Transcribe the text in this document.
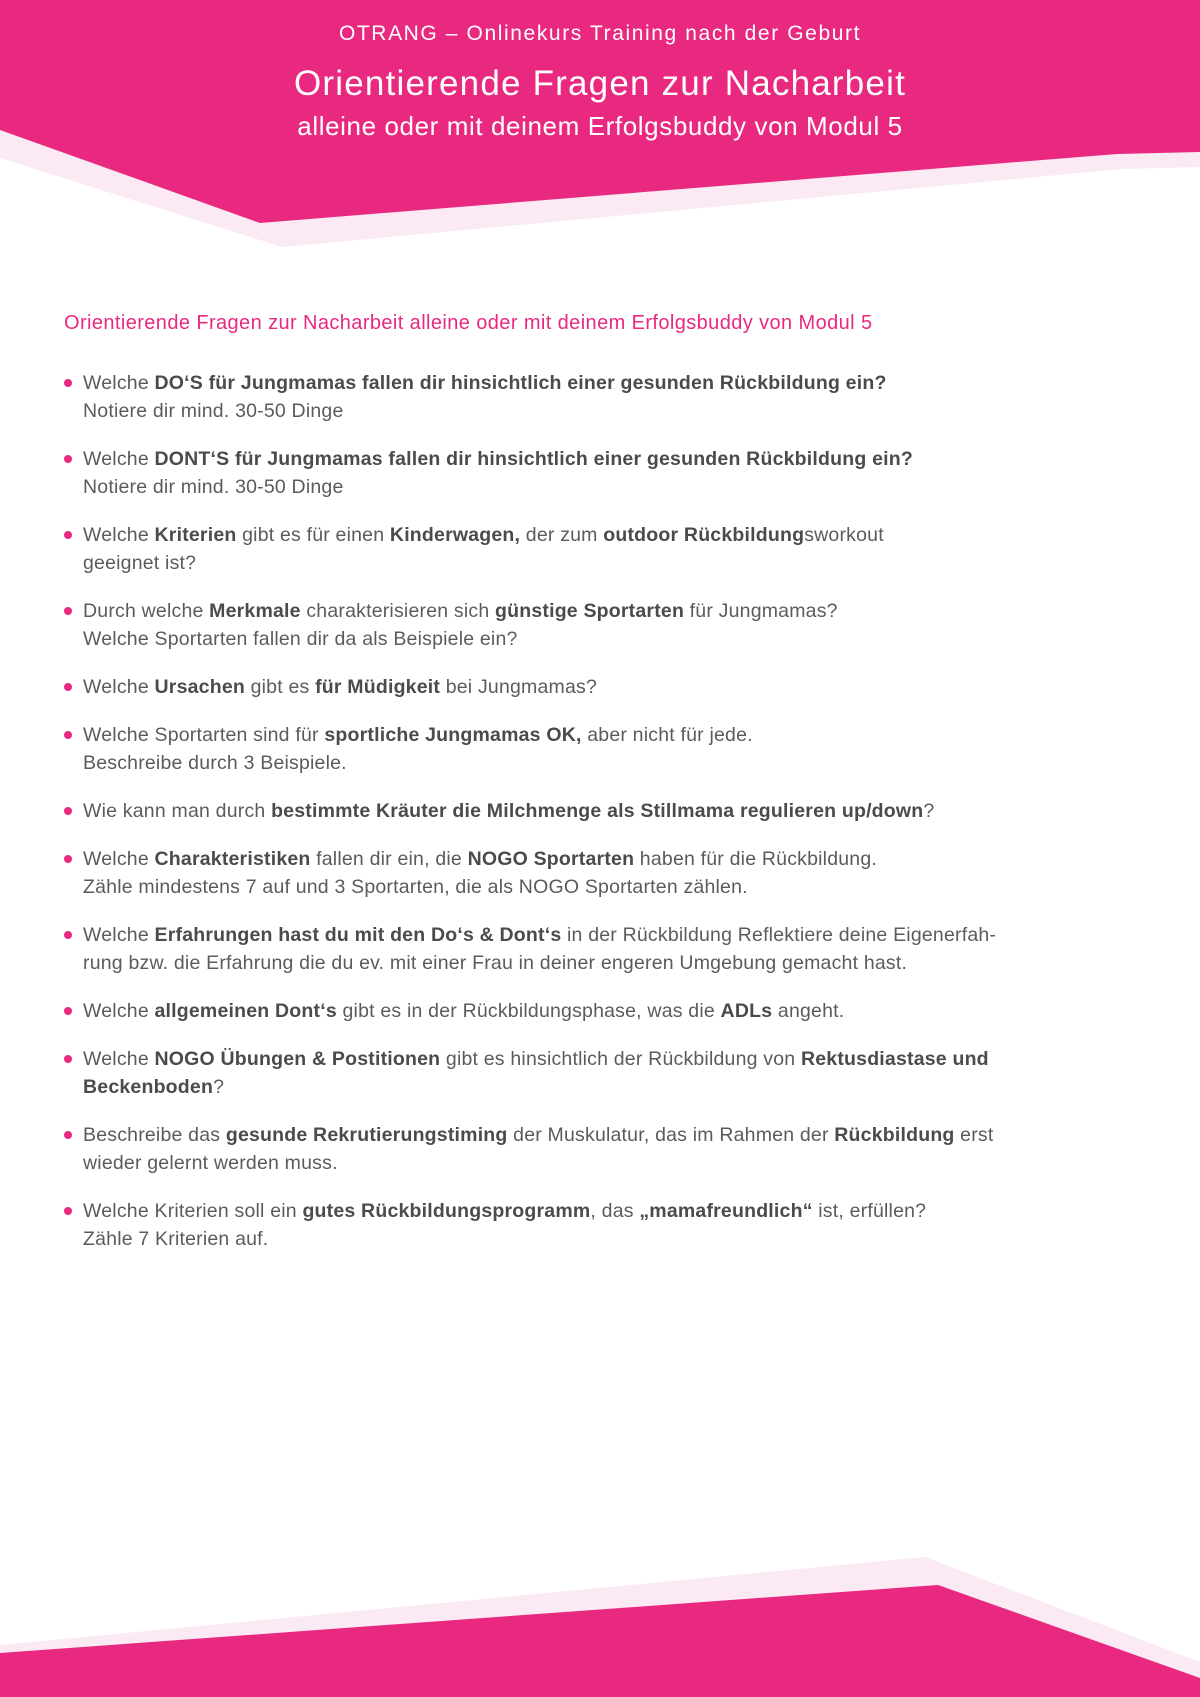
OTRANG – Onlinekurs Training nach der Geburt
Orientierende Fragen zur Nacharbeit
alleine oder mit deinem Erfolgsbuddy von Modul 5
Orientierende Fragen zur Nacharbeit alleine oder mit deinem Erfolgsbuddy von Modul 5
Welche DO‘S für Jungmamas fallen dir hinsichtlich einer gesunden Rückbildung ein?
Notiere dir mind. 30-50 Dinge
Welche DONT‘S für Jungmamas fallen dir hinsichtlich einer gesunden Rückbildung ein?
Notiere dir mind. 30-50 Dinge
Welche Kriterien gibt es für einen Kinderwagen, der zum outdoor Rückbildungsworkout
geeignet ist?
Durch welche Merkmale charakterisieren sich günstige Sportarten für Jungmamas?
Welche Sportarten fallen dir da als Beispiele ein?
Welche Ursachen gibt es für Müdigkeit bei Jungmamas?
Welche Sportarten sind für sportliche Jungmamas OK, aber nicht für jede.
Beschreibe durch 3 Beispiele.
Wie kann man durch bestimmte Kräuter die Milchmenge als Stillmama regulieren up/down?
Welche Charakteristiken fallen dir ein, die NOGO Sportarten haben für die Rückbildung.
Zähle mindestens 7 auf und 3 Sportarten, die als NOGO Sportarten zählen.
Welche Erfahrungen hast du mit den Do‘s & Dont‘s in der Rückbildung Reflektiere deine Eigenerfah-
rung bzw. die Erfahrung die du ev. mit einer Frau in deiner engeren Umgebung gemacht hast.
Welche allgemeinen Dont‘s gibt es in der Rückbildungsphase, was die ADLs angeht.
Welche NOGO Übungen & Postitionen gibt es hinsichtlich der Rückbildung von Rektusdiastase und
Beckenboden?
Beschreibe das gesunde Rekrutierungstiming der Muskulatur, das im Rahmen der Rückbildung erst
wieder gelernt werden muss.
Welche Kriterien soll ein gutes Rückbildungsprogramm, das „mamafreundlich“ ist, erfüllen?
Zähle 7 Kriterien auf.
